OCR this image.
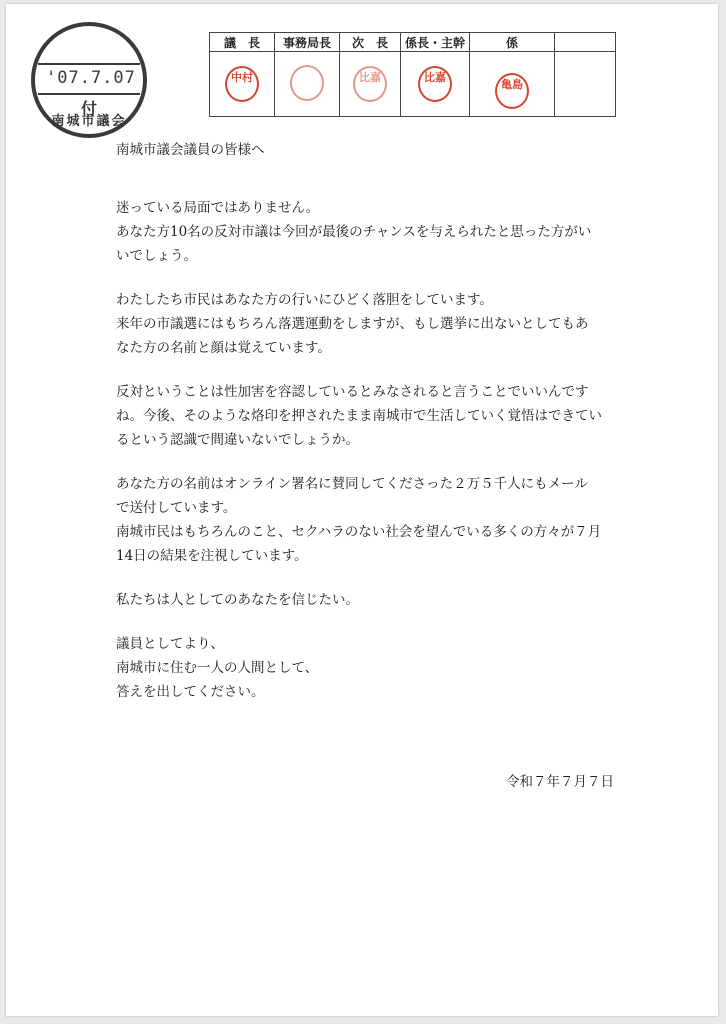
'07.7.07
付
南城市議会
議　長	事務局長	次　長	係長・主幹	係	
中村		比嘉	比嘉	亀島	

南城市議会議員の皆様へ

迷っている局面ではありません。

あなた方10名の反対市議は今回が最後のチャンスを与えられたと思った方がい

いでしょう。

わたしたち市民はあなた方の行いにひどく落胆をしています。

来年の市議選にはもちろん落選運動をしますが、もし選挙に出ないとしてもあ

なた方の名前と顔は覚えています。

反対ということは性加害を容認しているとみなされると言うことでいいんです

ね。今後、そのような烙印を押されたまま南城市で生活していく覚悟はできてい

るという認識で間違いないでしょうか。

あなた方の名前はオンライン署名に賛同してくださった２万５千人にもメール

で送付しています。

南城市民はもちろんのこと、セクハラのない社会を望んでいる多くの方々が７月

14日の結果を注視しています。

私たちは人としてのあなたを信じたい。

議員としてより、

南城市に住む一人の人間として、

答えを出してください。

令和７年７月７日
